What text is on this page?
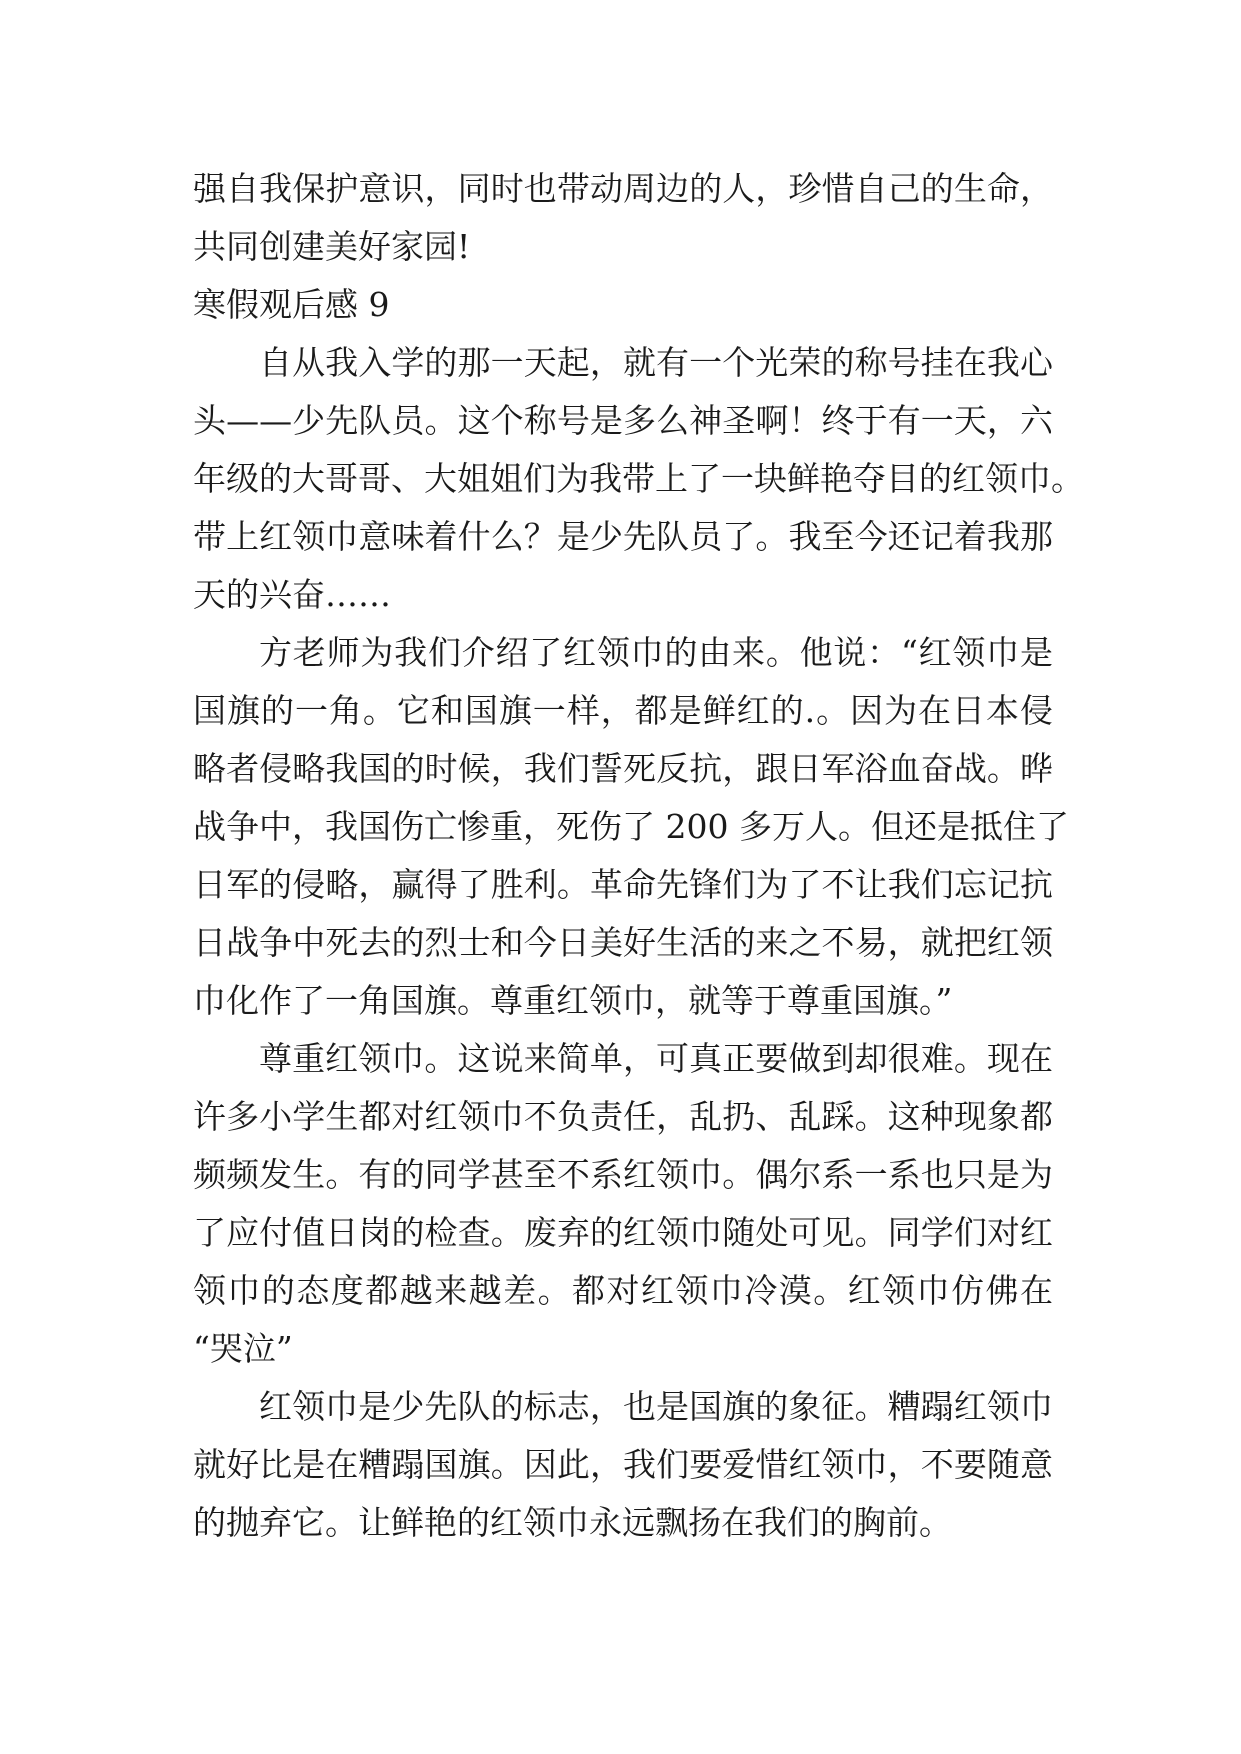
强自我保护意识，同时也带动周边的人，珍惜自己的生命，
共同创建美好家园!
寒假观后感 9
自从我入学的那一天起，就有一个光荣的称号挂在我心
头——少先队员。这个称号是多么神圣啊！终于有一天，六
年级的大哥哥、大姐姐们为我带上了一块鲜艳夺目的红领巾。
带上红领巾意味着什么？是少先队员了。我至今还记着我那
天的兴奋……
方老师为我们介绍了红领巾的由来。他说：“红领巾是
国旗的一角。它和国旗一样，都是鲜红的.。因为在日本侵
略者侵略我国的时候，我们誓死反抗，跟日军浴血奋战。晔
战争中，我国伤亡惨重，死伤了 200 多万人。但还是抵住了
日军的侵略，赢得了胜利。革命先锋们为了不让我们忘记抗
日战争中死去的烈士和今日美好生活的来之不易，就把红领
巾化作了一角国旗。尊重红领巾，就等于尊重国旗。”
尊重红领巾。这说来简单，可真正要做到却很难。现在
许多小学生都对红领巾不负责任，乱扔、乱踩。这种现象都
频频发生。有的同学甚至不系红领巾。偶尔系一系也只是为
了应付值日岗的检查。废弃的红领巾随处可见。同学们对红
领巾的态度都越来越差。都对红领巾冷漠。红领巾仿佛在
“哭泣”
红领巾是少先队的标志，也是国旗的象征。糟蹋红领巾
就好比是在糟蹋国旗。因此，我们要爱惜红领巾，不要随意
的抛弃它。让鲜艳的红领巾永远飘扬在我们的胸前。
